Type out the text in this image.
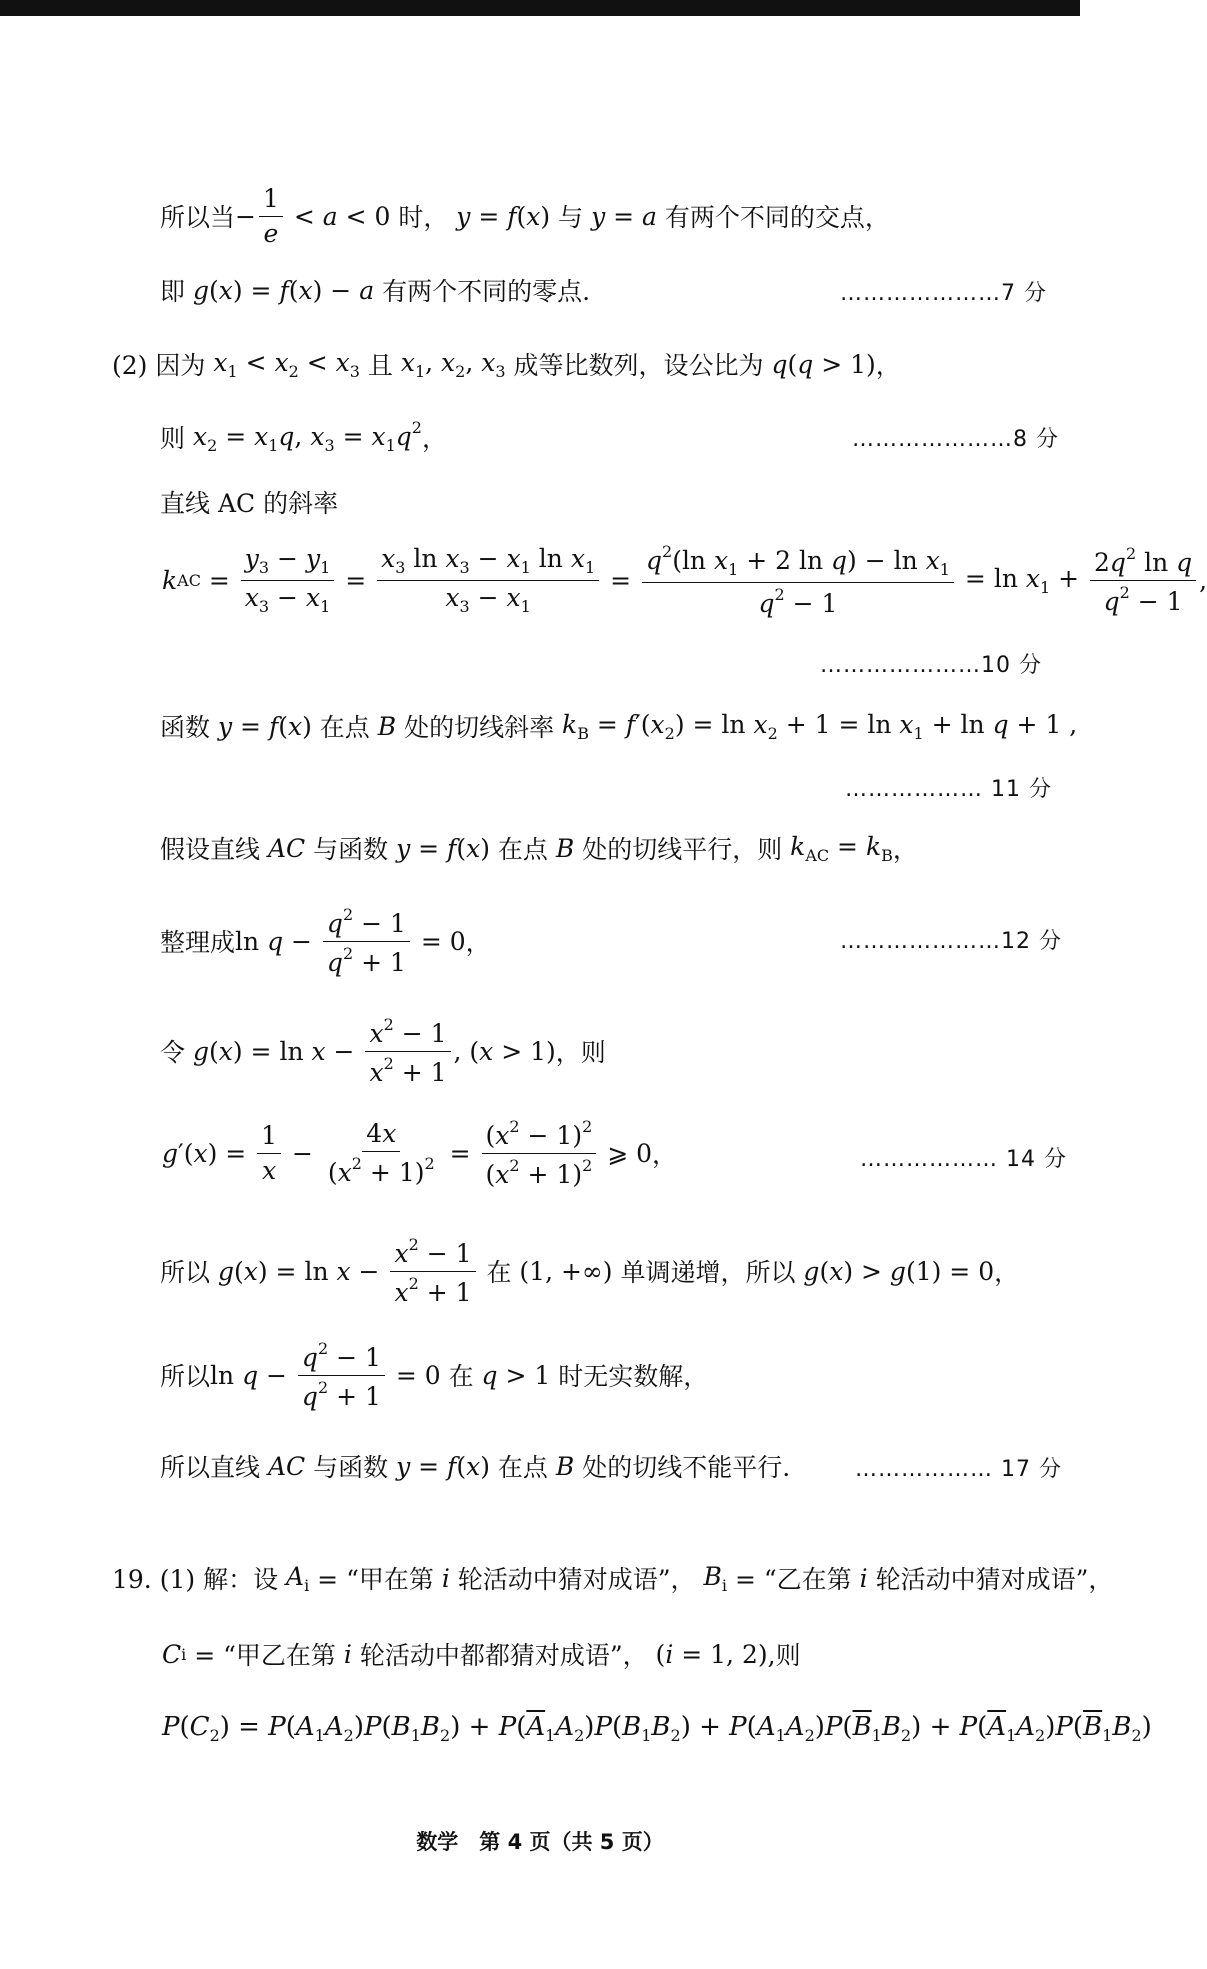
所以当 − $\frac{1}{e} < a < 0$ 时， y = f(x) 与 y = a 有两个不同的交点，
即 g(x) = f(x) − a 有两个不同的零点.	…………………7 分
(2) 因为 $x_1 < x_2 < x_3$ 且 $x_1$, $x_2$, $x_3$ 成等比数列，设公比为 q(q > 1) ，
则 $x_2 = x_1q$, $x_3 = x_1q^2$ ，	…………………8 分
直线 AC 的斜率
k AC = $\frac{y_3 - y_1}{x_3 - x_1} = \frac{x_3 \ln x_3 - x_1 \ln x_1}{x_3 - x_1} = \frac{q^2(\ln x_1 + 2 \ln q) - \ln x_1}{q^2 - 1} = \ln x_1 + \frac{2q^2 \ln q}{q^2 - 1}$ ,
…………………10 分
函数 y = f(x) 在点 B 处的切线斜率 $k_B = f'(x_2) = \ln x_2 + 1 = \ln x_1 + \ln q + 1$ ,
……………… 11 分
假设直线 AC 与函数 y = f(x) 在点 B 处的切线平行，则 $k_{AC} = k_B$ ，
整理成 $\ln q - \frac{q^2 - 1}{q^2 + 1} = 0$ ，	…………………12 分
令 $g(x) = \ln x - \frac{x^2 - 1}{x^2 + 1}$ , (x > 1) ，则
g $'(x) = \frac{1}{x} - \frac{4x}{(x^2 + 1)^2} = \frac{(x^2 - 1)^2}{(x^2 + 1)^2}$ ⩾ 0 ，	……………… 14 分
所以 $g(x) = \ln x - \frac{x^2 - 1}{x^2 + 1}$
在 (1, +∞) 单调递增，所以 g(x) > g(1) = 0 ，
所以 $\ln q - \frac{q^2 - 1}{q^2 + 1} = 0$ 在 q > 1 时无实数解，
所以直线 AC 与函数 y = f(x) 在点 B 处的切线不能平行.	……………… 17 分
19. (1) 解：设 $A_i$ = “甲在第 i 轮活动中猜对成语”， $B_i$ = “乙在第 i 轮活动中猜对成语”，
C i
= “甲乙在第 i 轮活动中都都猜对成语”， (i = 1, 2) ,则
$P(C_2) = P(A_1A_2)P(B_1B_2) + P(\overline{A}_1A_2)P(B_1B_2) + P(A_1A_2)P(\overline{B}_1B_2) + P(\overline{A}_1A_2)P(\overline{B}_1B_2)$
数学　第 4 页（共 5 页）
